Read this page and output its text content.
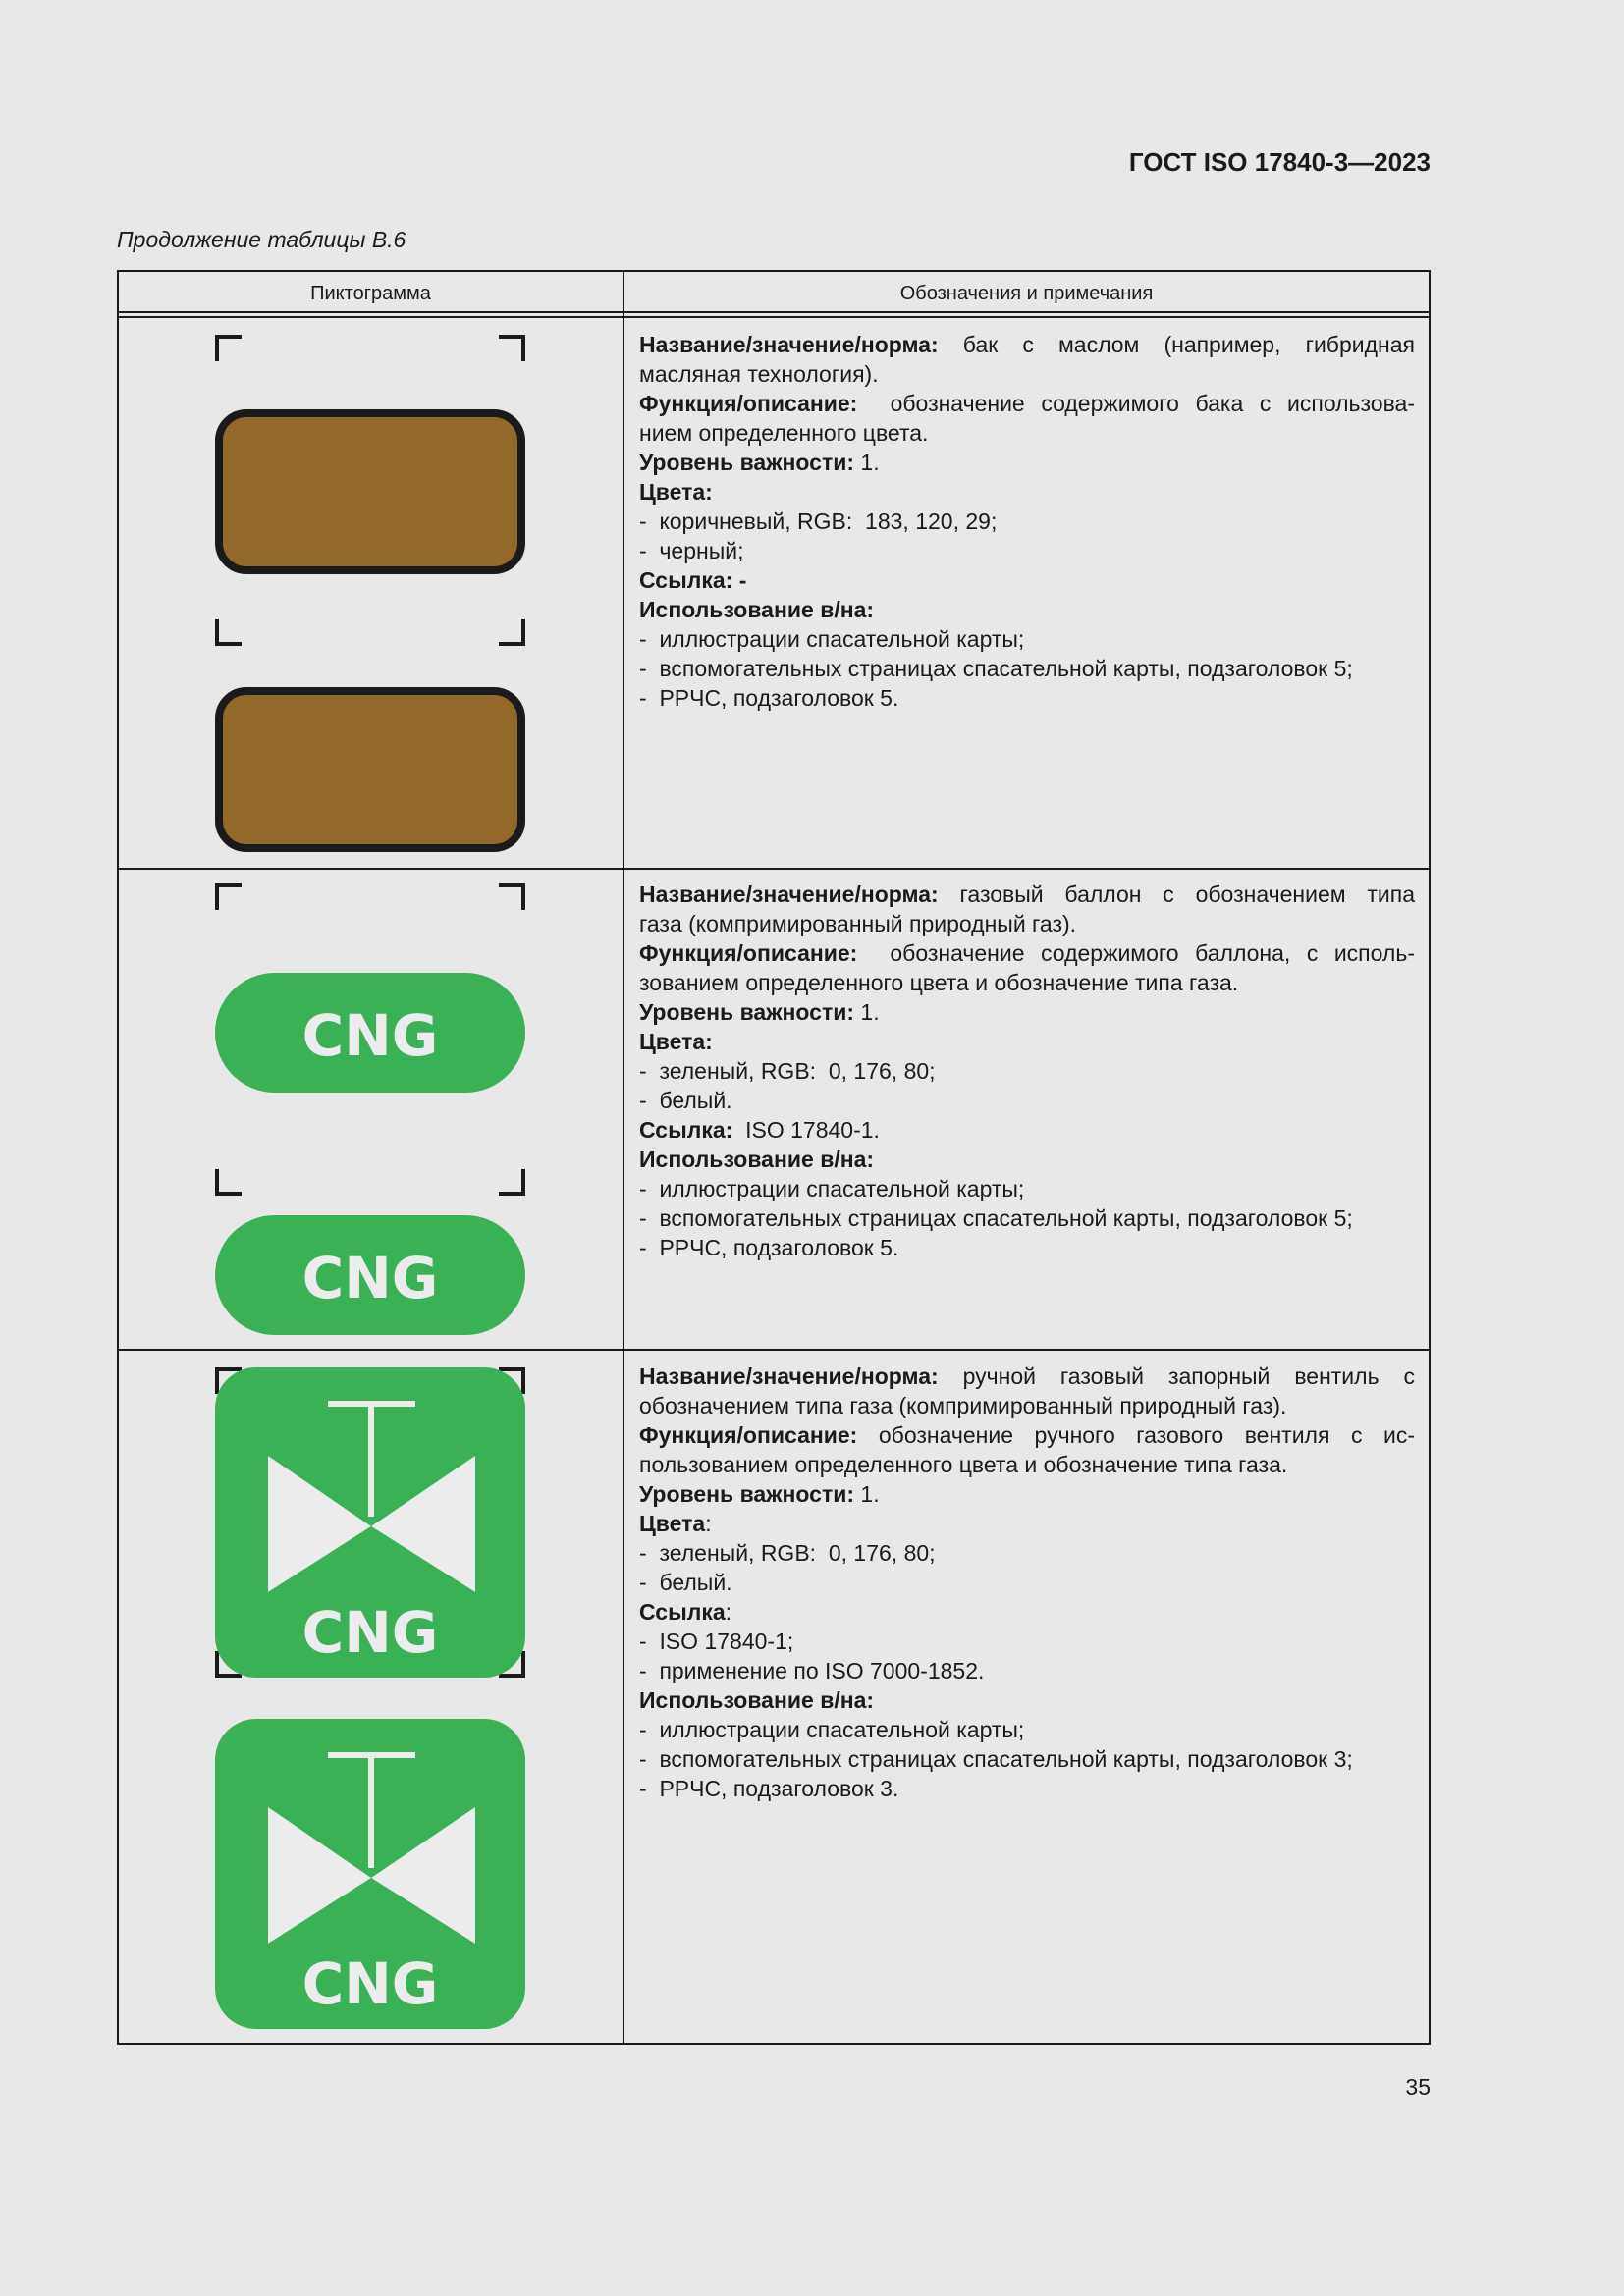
ГОСТ ISO 17840-3—2023
Продолжение таблицы В.6
Пиктограмма	Обозначения и примечания
CNG
CNG
CNG
CNG
Название/значение/норма: бак с маслом (например, гибридная
масляная технология).
Функция/описание:  обозначение содержимого бака с использова-
нием определенного цвета.
Уровень важности: 1.
Цвета:
-  коричневый, RGB:  183, 120, 29;
-  черный;
Ссылка: -
Использование в/на:
-  иллюстрации спасательной карты;
-  вспомогательных страницах спасательной карты, подзаголовок 5;
-  РРЧС, подзаголовок 5.
Название/значение/норма: газовый баллон с обозначением типа
газа (компримированный природный газ).
Функция/описание:  обозначение содержимого баллона, с исполь-
зованием определенного цвета и обозначение типа газа.
Уровень важности: 1.
Цвета:
-  зеленый, RGB:  0, 176, 80;
-  белый.
Ссылка:  ISO 17840-1.
Использование в/на:
-  иллюстрации спасательной карты;
-  вспомогательных страницах спасательной карты, подзаголовок 5;
-  РРЧС, подзаголовок 5.
Название/значение/норма: ручной газовый запорный вентиль с
обозначением типа газа (компримированный природный газ).
Функция/описание: обозначение ручного газового вентиля с ис-
пользованием определенного цвета и обозначение типа газа.
Уровень важности: 1.
Цвета:
-  зеленый, RGB:  0, 176, 80;
-  белый.
Ссылка:
-  ISO 17840-1;
-  применение по ISO 7000-1852.
Использование в/на:
-  иллюстрации спасательной карты;
-  вспомогательных страницах спасательной карты, подзаголовок 3;
-  РРЧС, подзаголовок 3.
35
